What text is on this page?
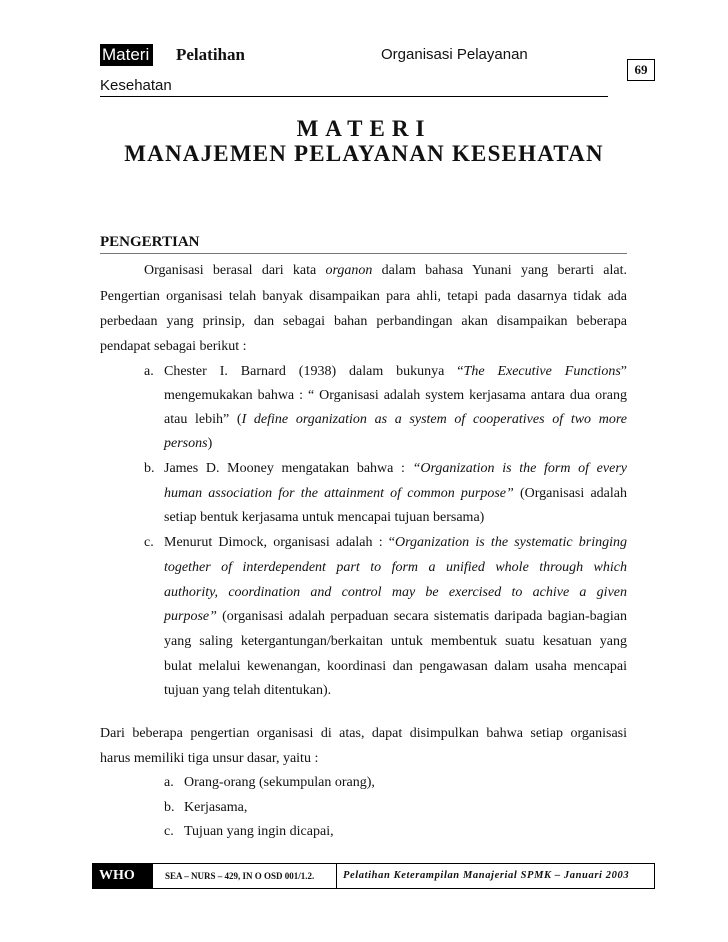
Materi Pelatihan	Organisasi Pelayanan
Kesehatan
69
MATERI
MANAJEMEN PELAYANAN KESEHATAN
PENGERTIAN
Organisasi berasal dari kata organon dalam bahasa Yunani yang berarti alat.
Pengertian organisasi telah banyak disampaikan para ahli, tetapi pada dasarnya tidak ada
perbedaan yang prinsip, dan sebagai bahan perbandingan akan disampaikan beberapa
pendapat sebagai berikut :
a. Chester I. Barnard (1938) dalam bukunya “The Executive Functions”
mengemukakan bahwa : “ Organisasi adalah system kerjasama antara dua orang
atau lebih” (I define organization as a system of cooperatives of two more
persons)
b. James D. Mooney mengatakan bahwa : “Organization is the form of every
human association for the attainment of common purpose” (Organisasi adalah
setiap bentuk kerjasama untuk mencapai tujuan bersama)
c. Menurut Dimock, organisasi adalah : “Organization is the systematic bringing
together of interdependent part to form a unified whole through which
authority, coordination and control may be exercised to achive a given
purpose” (organisasi adalah perpaduan secara sistematis daripada bagian-bagian
yang saling ketergantungan/berkaitan untuk membentuk suatu kesatuan yang
bulat melalui kewenangan, koordinasi dan pengawasan dalam usaha mencapai
tujuan yang telah ditentukan).
Dari beberapa pengertian organisasi di atas, dapat disimpulkan bahwa setiap organisasi
harus memiliki tiga unsur dasar, yaitu :
a. Orang-orang (sekumpulan orang),
b. Kerjasama,
c. Tujuan yang ingin dicapai,
WHO	SEA – NURS – 429, IN O OSD 001/1.2.	Pelatihan Keterampilan Manajerial SPMK – Januari 2003
